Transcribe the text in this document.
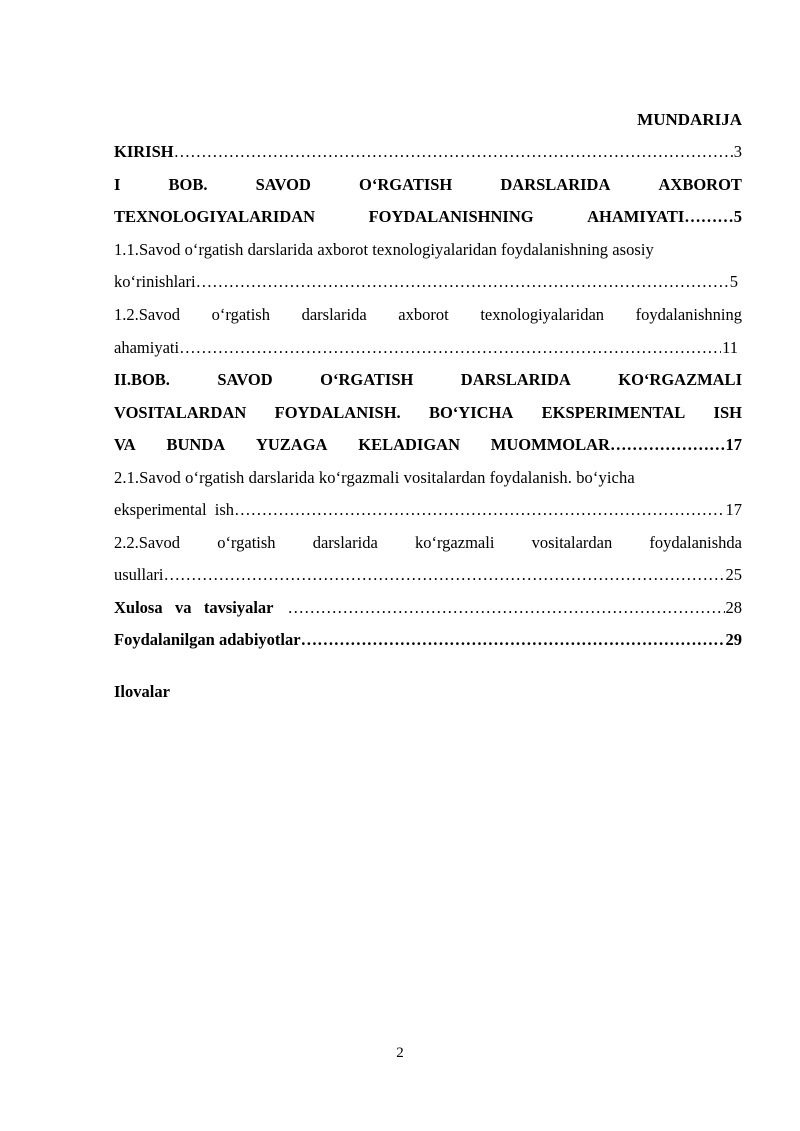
MUNDARIJA
KIRISH …………………………………………………………………………………………………………………………………………………………………………………………………………	3
I	BOB.	SAVOD	O‘RGATISH	DARSLARIDA	AXBOROT
TEXNOLOGIYALARIDAN	FOYDALANISHNING	AHAMIYATI………5
1.1.Savod o‘rgatish darslarida axborot texnologiyalaridan foydalanishning asosiy
ko‘rinishlari …………………………………………………………………………………………………………………………………………………………………………………………………………	5
1.2.Savod o‘rgatish darslarida axborot texnologiyalaridan foydalanishning
ahamiyati …………………………………………………………………………………………………………………………………………………………………………………………………………	11
II.BOB.	SAVOD	O‘RGATISH	DARSLARIDA	KO‘RGAZMALI
VOSITALARDAN FOYDALANISH. BO‘YICHA EKSPERIMENTAL ISH
VA BUNDA YUZAGA KELADIGAN MUOMMOLAR…………………17
2.1.Savod o‘rgatish darslarida ko‘rgazmali vositalardan foydalanish. bo‘yicha
eksperimental  ish …………………………………………………………………………………………………………………………………………………………………………………………………………	17
2.2.Savod o‘rgatish darslarida ko‘rgazmali vositalardan foydalanishda
usullari …………………………………………………………………………………………………………………………………………………………………………………………………………	25
Xulosa   va   tavsiyalar …………………………………………………………………………………………………………………………………………………………………………………………………………	28
Foydalanilgan adabiyotlar …………………………………………………………………………………………………………………………………………………………………………………………………………	29
Ilovalar
2
